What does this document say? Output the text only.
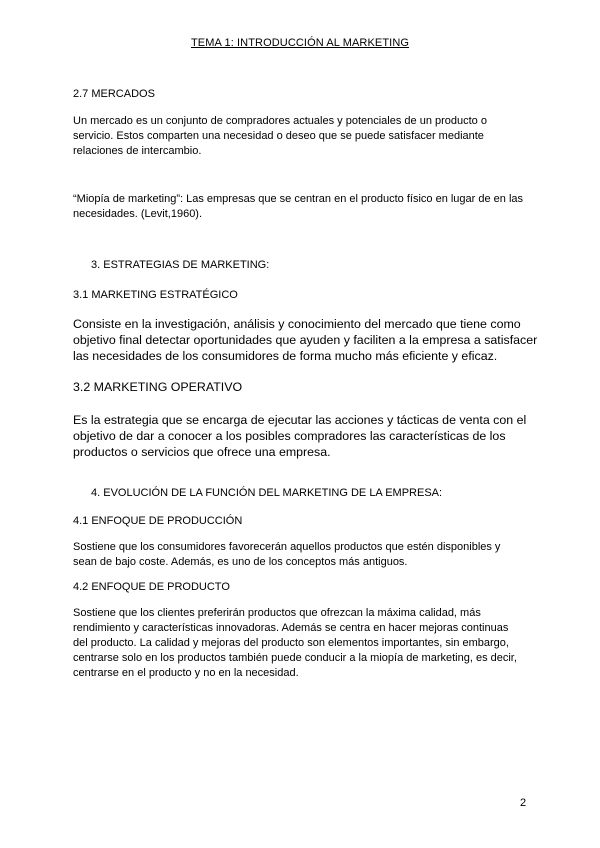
TEMA 1: INTRODUCCIÓN AL MARKETING
2.7 MERCADOS
Un mercado es un conjunto de compradores actuales y potenciales de un producto o
servicio. Estos comparten una necesidad o deseo que se puede satisfacer mediante
relaciones de intercambio.
“Miopía de marketing”: Las empresas que se centran en el producto físico en lugar de en las
necesidades. (Levit,1960).
3. ESTRATEGIAS DE MARKETING:
3.1 MARKETING ESTRATÉGICO
Consiste en la investigación, análisis y conocimiento del mercado que tiene como
objetivo final detectar oportunidades que ayuden y faciliten a la empresa a satisfacer
las necesidades de los consumidores de forma mucho más eficiente y eficaz.
3.2 MARKETING OPERATIVO
Es la estrategia que se encarga de ejecutar las acciones y tácticas de venta con el
objetivo de dar a conocer a los posibles compradores las características de los
productos o servicios que ofrece una empresa.
4. EVOLUCIÓN DE LA FUNCIÓN DEL MARKETING DE LA EMPRESA:
4.1 ENFOQUE DE PRODUCCIÓN
Sostiene que los consumidores favorecerán aquellos productos que estén disponibles y
sean de bajo coste. Además, es uno de los conceptos más antiguos.
4.2 ENFOQUE DE PRODUCTO
Sostiene que los clientes preferirán productos que ofrezcan la máxima calidad, más
rendimiento y características innovadoras. Además se centra en hacer mejoras continuas
del producto. La calidad y mejoras del producto son elementos importantes, sin embargo,
centrarse solo en los productos también puede conducir a la miopía de marketing, es decir,
centrarse en el producto y no en la necesidad.
2
